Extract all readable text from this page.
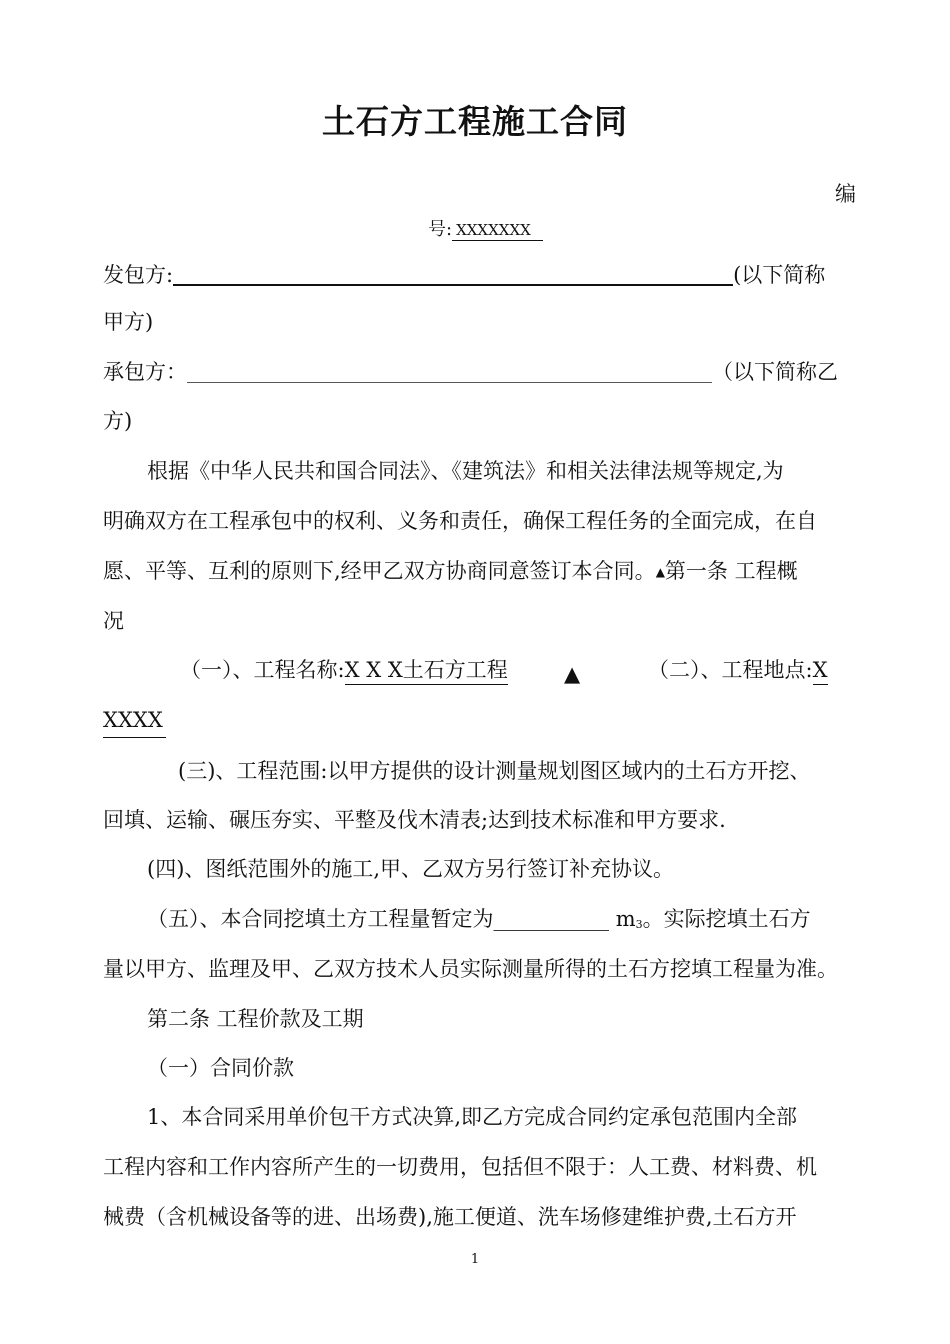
土石方工程施工合同
编
号: XXXXXXX
发包方:	(以下简称
甲方)
承包方：	（以下简称乙
方)
根据《中华人民共和国合同法》、《建筑法》和相关法律法规等规定,为
明确双方在工程承包中的权利、义务和责任，确保工程任务的全面完成，在自
愿、平等、互利的原则下,经甲乙双方协商同意签订本合同。▲第一条 工程概
况
（一）、工程名称:X X X土石方工程	▲	（二）、工程地点:X
XXXX
(三)、工程范围:以甲方提供的设计测量规划图区域内的土石方开挖、
回填、运输、碾压夯实、平整及伐木清表;达到技术标准和甲方要求.
(四)、图纸范围外的施工,甲、乙双方另行签订补充协议。
（五）、本合同挖填土方工程量暂定为___________ m3。实际挖填土石方
量以甲方、监理及甲、乙双方技术人员实际测量所得的土石方挖填工程量为准。
第二条 工程价款及工期
（一）合同价款
1、本合同采用单价包干方式决算,即乙方完成合同约定承包范围内全部
工程内容和工作内容所产生的一切费用，包括但不限于：人工费、材料费、机
械费（含机械设备等的进、出场费),施工便道、洗车场修建维护费,土石方开
1
